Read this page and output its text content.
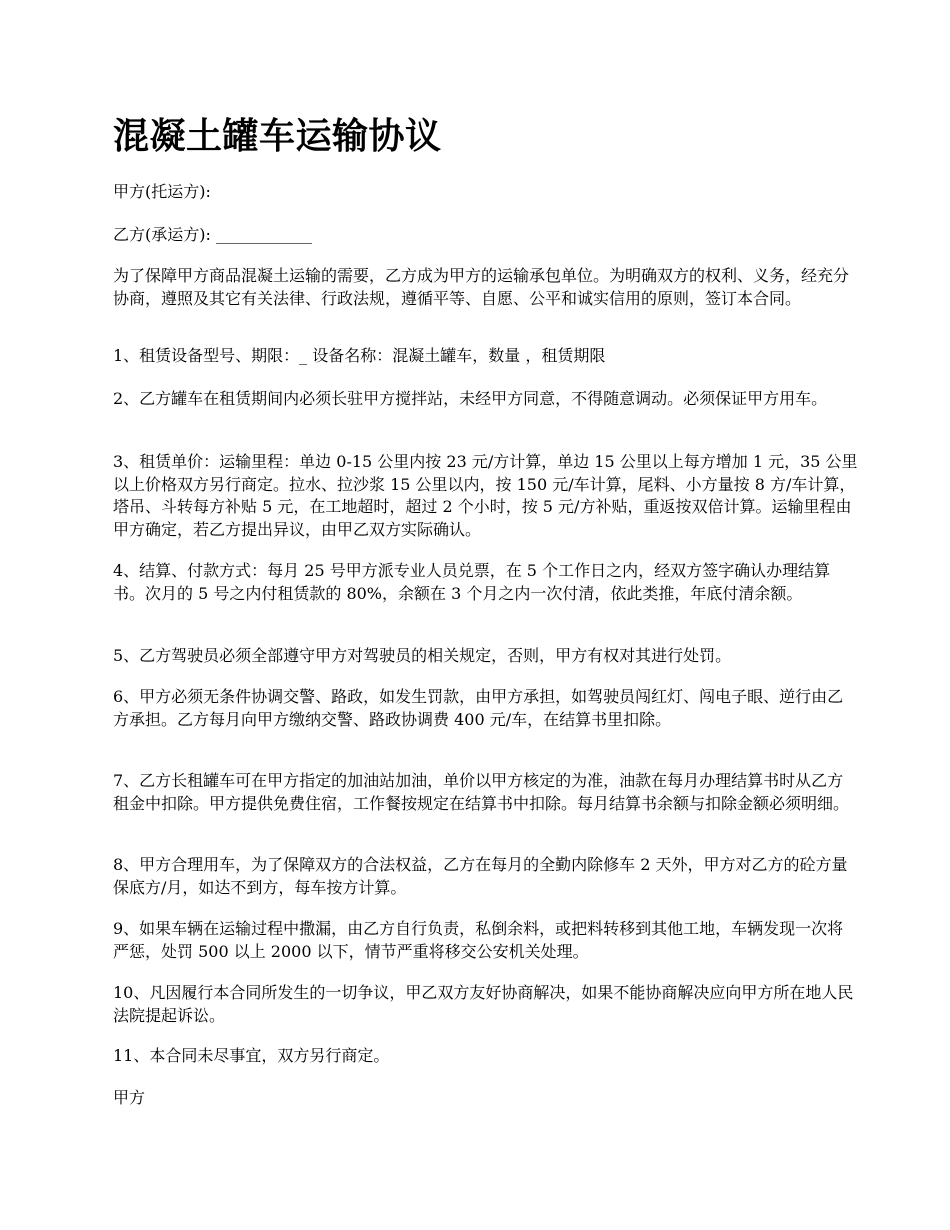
混凝土罐车运输协议

甲方(托运方):

乙方(承运方): ____________

为了保障甲方商品混凝土运输的需要，乙方成为甲方的运输承包单位。为明确双方的权利、义务，经充分协商，遵照及其它有关法律、行政法规，遵循平等、自愿、公平和诚实信用的原则，签订本合同。

1、租赁设备型号、期限：_ 设备名称：混凝土罐车，数量 ，租赁期限

2、乙方罐车在租赁期间内必须长驻甲方搅拌站，未经甲方同意，不得随意调动。必须保证甲方用车。

3、租赁单价：运输里程：单边 0-15 公里内按 23 元/方计算，单边 15 公里以上每方增加 1 元，35 公里以上价格双方另行商定。拉水、拉沙浆 15 公里以内，按 150 元/车计算，尾料、小方量按 8 方/车计算，塔吊、斗转每方补贴 5 元，在工地超时，超过 2 个小时，按 5 元/方补贴，重返按双倍计算。运输里程由甲方确定，若乙方提出异议，由甲乙双方实际确认。

4、结算、付款方式：每月 25 号甲方派专业人员兑票，在 5 个工作日之内，经双方签字确认办理结算书。次月的 5 号之内付租赁款的 80%，余额在 3 个月之内一次付清，依此类推，年底付清余额。

5、乙方驾驶员必须全部遵守甲方对驾驶员的相关规定，否则，甲方有权对其进行处罚。

6、甲方必须无条件协调交警、路政，如发生罚款，由甲方承担，如驾驶员闯红灯、闯电子眼、逆行由乙方承担。乙方每月向甲方缴纳交警、路政协调费 400 元/车，在结算书里扣除。

7、乙方长租罐车可在甲方指定的加油站加油，单价以甲方核定的为准，油款在每月办理结算书时从乙方租金中扣除。甲方提供免费住宿，工作餐按规定在结算书中扣除。每月结算书余额与扣除金额必须明细。

8、甲方合理用车，为了保障双方的合法权益，乙方在每月的全勤内除修车 2 天外，甲方对乙方的砼方量保底方/月，如达不到方，每车按方计算。

9、如果车辆在运输过程中撒漏，由乙方自行负责，私倒余料，或把料转移到其他工地，车辆发现一次将严惩，处罚 500 以上 2000 以下，情节严重将移交公安机关处理。

10、凡因履行本合同所发生的一切争议，甲乙双方友好协商解决，如果不能协商解决应向甲方所在地人民法院提起诉讼。

11、本合同未尽事宜，双方另行商定。

甲方
